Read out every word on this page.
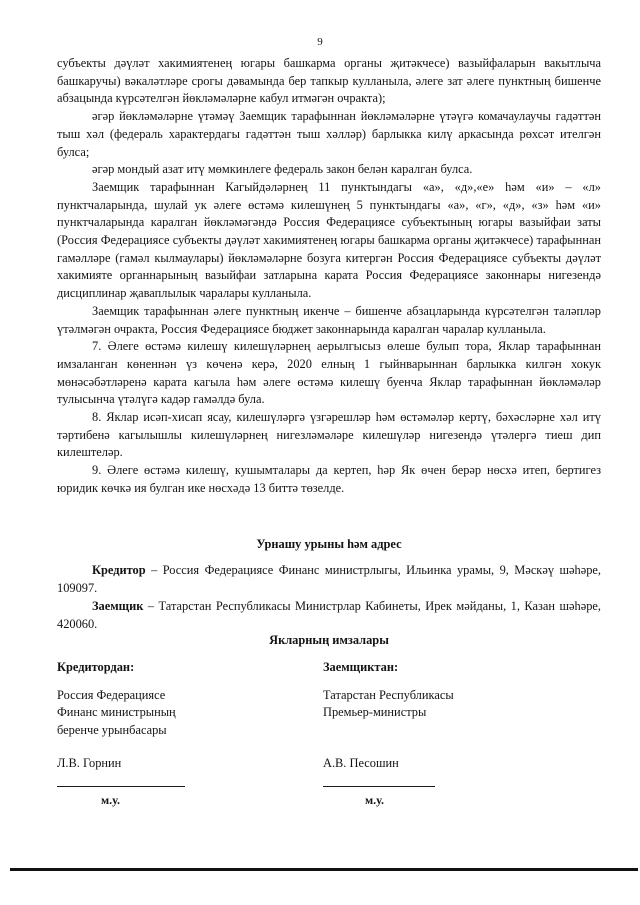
9

субъекты дәүләт хакимиятенең югары башкарма органы җитәкчесе) вазыйфаларын вакытлыча башкаручы) вәкаләтләре срогы дәвамында бер тапкыр кулланыла, әлеге зат әлеге пунктның бишенче абзацында күрсәтелгән йөкләмәләрне кабул итмәгән очракта);

әгәр йөкләмәләрне үтәмәү Заемщик тарафыннан йөкләмәләрне үтәүгә комачаулаучы гадәттән тыш хәл (федераль характердагы гадәттән тыш хәлләр) барлыкка килү аркасында рөхсәт ителгән булса;

әгәр мондый азат итү мөмкинлеге федераль закон белән каралган булса.

Заемщик тарафыннан Кагыйдәләрнең 11 пунктындагы «а», «д»,«е» һәм «и» – «л» пунктчаларында, шулай ук әлеге өстәмә килешүнең 5 пунктындагы «а», «г», «д», «з» һәм «и» пунктчаларында каралган йөкләмәгәндә Россия Федерациясе субъектының югары вазыйфаи заты (Россия Федерациясе субъекты дәүләт хакимиятенең югары башкарма органы җитәкчесе) тарафыннан гамәлләре (гамәл кылмаулары) йөкләмәләрне бозуга китергән Россия Федерациясе субъекты дәүләт хакимияте органнарының вазыйфаи затларына карата Россия Федерациясе законнары нигезендә дисциплинар җаваплылык чаралары кулланыла.

Заемщик тарафыннан әлеге пунктның икенче – бишенче абзацларында күрсәтелгән таләпләр үтәлмәгән очракта, Россия Федерациясе бюджет законнарында каралган чаралар кулланыла.

7. Әлеге өстәмә килешү килешүләрнең аерылгысыз өлеше булып тора, Яклар тарафыннан имзаланган көненнән үз көченә керә, 2020 елның 1 гыйнварыннан барлыкка килгән хокук мөнәсәбәтләренә карата кагыла һәм әлеге өстәмә килешү буенча Яклар тарафыннан йөкләмәләр тулысынча үтәлүгә кадәр гамәлдә була.

8. Яклар исәп-хисап ясау, килешүләргә үзгәрешләр һәм өстәмәләр кертү, бәхәсләрне хәл итү тәртибенә кагылышлы килешүләрнең нигезләмәләре килешүләр нигезендә үтәлергә тиеш дип килештеләр.

9. Әлеге өстәмә килешү, кушымталары да кертеп, һәр Як өчен берәр нөсхә итеп, бертигез юридик көчкә ия булган ике нөсхәдә 13 биттә төзелде.

Урнашу урыны һәм адрес
Кредитор – Россия Федерациясе Финанс министрлыгы, Ильинка урамы, 9, Мәскәү шәһәре, 109097.
Заемщик – Татарстан Республикасы Министрлар Кабинеты, Ирек мәйданы, 1, Казан шәһәре, 420060.
Якларның имзалары
Кредитордан:
Россия Федерациясе
Финанс министрының
беренче урынбасары
Л.В. Горнин
м.у.
Заемщиктан:
Татарстан Республикасы
Премьер-министры
А.В. Песошин
м.у.
